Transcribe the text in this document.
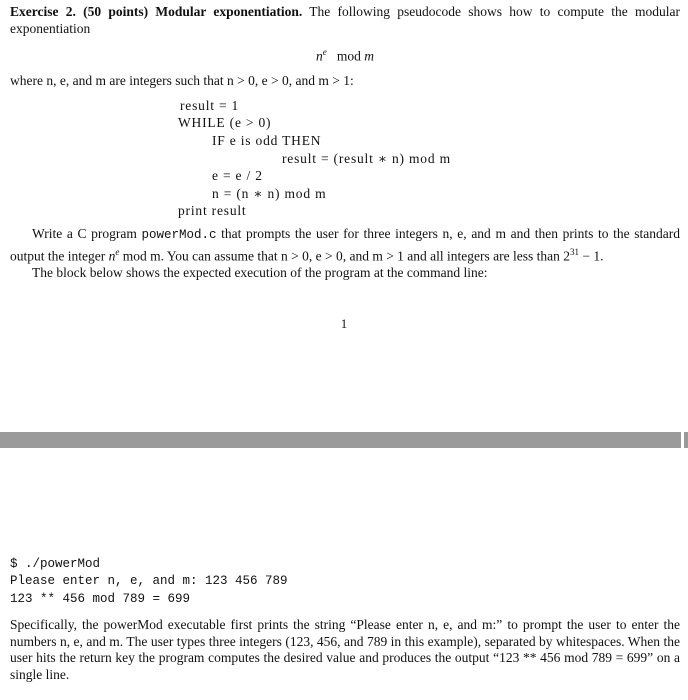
Exercise 2. (50 points) Modular exponentiation. The following pseudocode shows how to compute the modular exponentiation

$n^e$ mod m

where n, e, and m are integers such that n > 0, e > 0, and m > 1:

result = 1
WHILE (e > 0)
IF e is odd THEN
result = (result ∗ n) mod m
e = e / 2
n = (n ∗ n) mod m
print result

Write a C program powerMod.c that prompts the user for three integers n, e, and m and then prints to the standard output the integer $n^e$ mod m. You can assume that n > 0, e > 0, and m > 1 and all integers are less than $2^{31} - 1$.

The block below shows the expected execution of the program at the command line:

1
$ ./powerMod
Please enter n, e, and m: 123 456 789
123 ** 456 mod 789 = 699

Specifically, the powerMod executable first prints the string “Please enter n, e, and m:” to prompt the user to enter the numbers n, e, and m. The user types three integers (123, 456, and 789 in this example), separated by whitespaces. When the user hits the return key the program computes the desired value and produces the output “123 ** 456 mod 789 = 699” on a single line.
